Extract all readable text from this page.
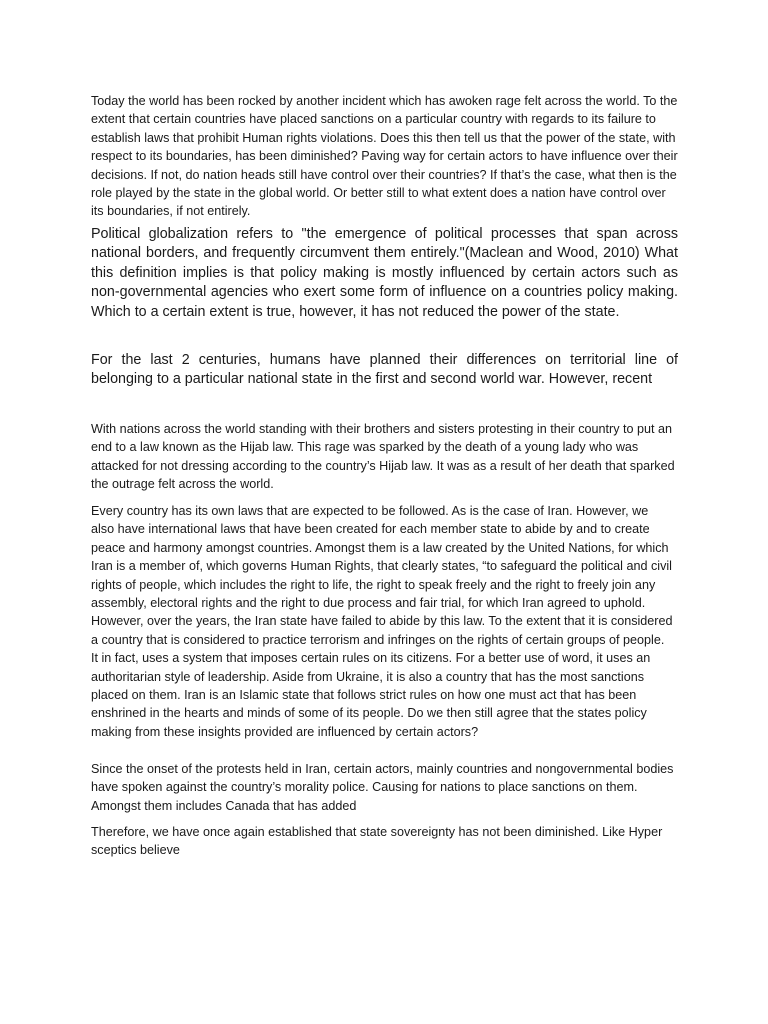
Today the world has been rocked by another incident which has awoken rage felt across the world. To the extent that certain countries have placed sanctions on a particular country with regards to its failure to establish laws that prohibit Human rights violations. Does this then tell us that the power of the state, with respect to its boundaries, has been diminished? Paving way for certain actors to have influence over their decisions. If not, do nation heads still have control over their countries? If that’s the case, what then is the role played by the state in the global world. Or better still to what extent does a nation have control over its boundaries, if not entirely.

Political globalization refers to "the emergence of political processes that span across national borders, and frequently circumvent them entirely."(Maclean and Wood, 2010) What this definition implies is that policy making is mostly influenced by certain actors such as non-governmental agencies who exert some form of influence on a countries policy making. Which to a certain extent is true, however, it has not reduced the power of the state.

For the last 2 centuries, humans have planned their differences on territorial line of belonging to a particular national state in the first and second world war. However, recent

With nations across the world standing with their brothers and sisters protesting in their country to put an end to a law known as the Hijab law. This rage was sparked by the death of a young lady who was attacked for not dressing according to the country’s Hijab law. It was as a result of her death that sparked the outrage felt across the world.

Every country has its own laws that are expected to be followed. As is the case of Iran. However, we also have international laws that have been created for each member state to abide by and to create peace and harmony amongst countries. Amongst them is a law created by the United Nations, for which Iran is a member of, which governs Human Rights, that clearly states, “to safeguard the political and civil rights of people, which includes the right to life, the right to speak freely and the right to freely join any assembly, electoral rights and the right to due process and fair trial, for which Iran agreed to uphold. However, over the years, the Iran state have failed to abide by this law. To the extent that it is considered a country that is considered to practice terrorism and infringes on the rights of certain groups of people. It in fact, uses a system that imposes certain rules on its citizens. For a better use of word, it uses an authoritarian style of leadership. Aside from Ukraine, it is also a country that has the most sanctions placed on them. Iran is an Islamic state that follows strict rules on how one must act that has been enshrined in the hearts and minds of some of its people. Do we then still agree that the states policy making from these insights provided are influenced by certain actors?

Since the onset of the protests held in Iran, certain actors, mainly countries and nongovernmental bodies have spoken against the country’s morality police. Causing for nations to place sanctions on them. Amongst them includes Canada that has added

Therefore, we have once again established that state sovereignty has not been diminished. Like Hyper sceptics believe
